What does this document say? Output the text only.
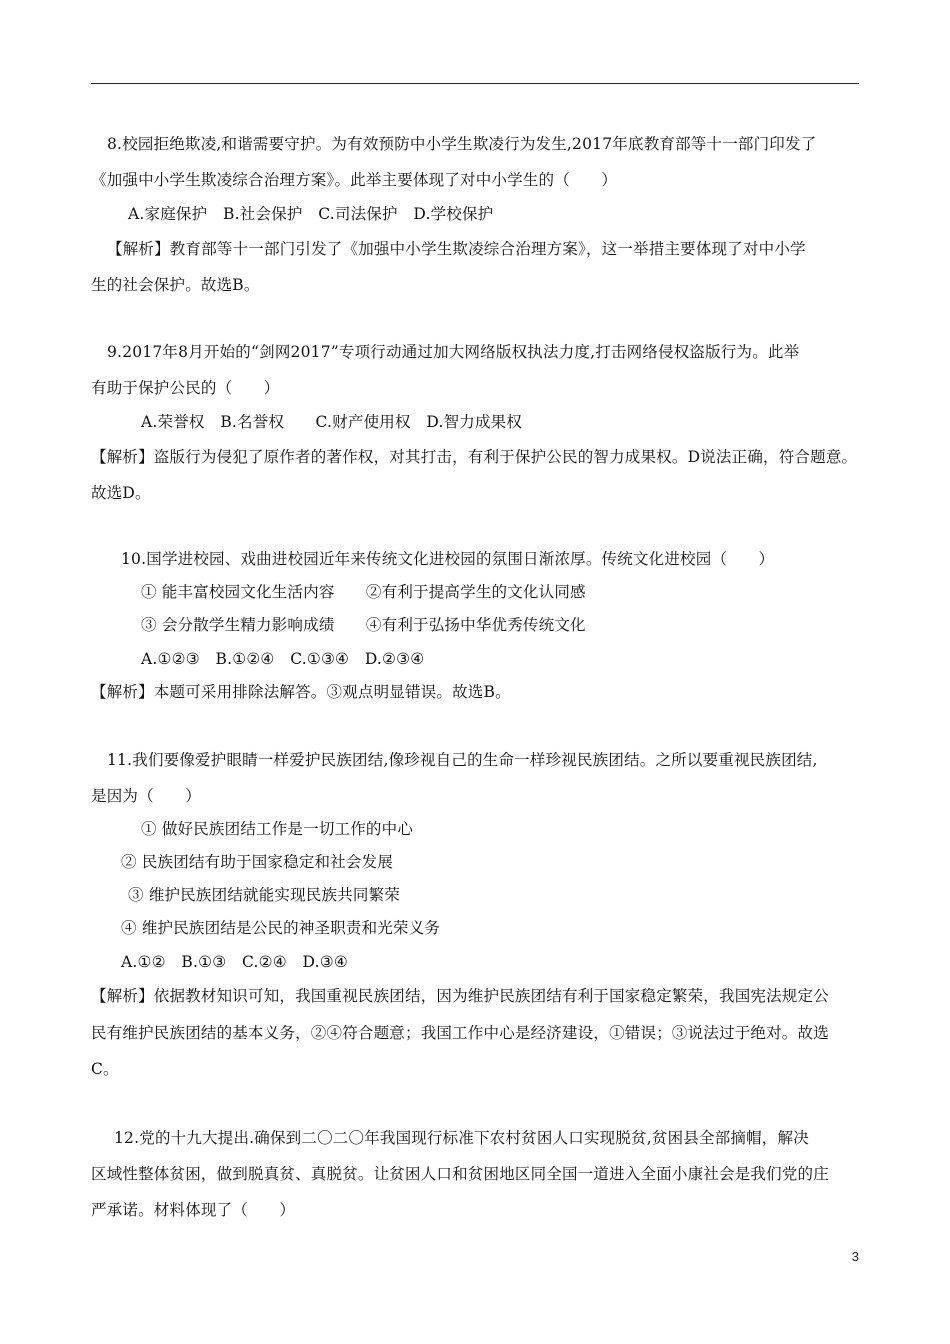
8.校园拒绝欺凌,和谐需要守护。为有效预防中小学生欺凌行为发生,2017年底教育部等十一部门印发了
《加强中小学生欺凌综合治理方案》。此举主要体现了对中小学生的（　　）
A.家庭保护　B.社会保护　C.司法保护　D.学校保护
【解析】教育部等十一部门引发了《加强中小学生欺凌综合治理方案》，这一举措主要体现了对中小学
生的社会保护。故选B。
9.2017年8月开始的“剑网2017”专项行动通过加大网络版权执法力度,打击网络侵权盗版行为。此举
有助于保护公民的（　　）
A.荣誉权　B.名誉权　　C.财产使用权　D.智力成果权
【解析】盗版行为侵犯了原作者的著作权，对其打击，有利于保护公民的智力成果权。D说法正确，符合题意。
故选D。
10.国学进校园、戏曲进校园近年来传统文化进校园的氛围日渐浓厚。传统文化进校园（　　）
① 能丰富校园文化生活内容　　②有利于提高学生的文化认同感
③ 会分散学生精力影响成绩　　④有利于弘扬中华优秀传统文化
A.①②③　B.①②④　C.①③④　D.②③④
【解析】本题可采用排除法解答。③观点明显错误。故选B。
11.我们要像爱护眼睛一样爱护民族团结,像珍视自己的生命一样珍视民族团结。之所以要重视民族团结,
是因为（　　）
① 做好民族团结工作是一切工作的中心
② 民族团结有助于国家稳定和社会发展
③ 维护民族团结就能实现民族共同繁荣
④ 维护民族团结是公民的神圣职责和光荣义务
A.①②　B.①③　C.②④　D.③④
【解析】依据教材知识可知，我国重视民族团结，因为维护民族团结有利于国家稳定繁荣，我国宪法规定公
民有维护民族团结的基本义务，②④符合题意；我国工作中心是经济建设，①错误；③说法过于绝对。故选
C。
12.党的十九大提出.确保到二〇二〇年我国现行标准下农村贫困人口实现脱贫,贫困县全部摘帽，解决
区域性整体贫困，做到脱真贫、真脱贫。让贫困人口和贫困地区同全国一道进入全面小康社会是我们党的庄
严承诺。材料体现了（　　）
3
